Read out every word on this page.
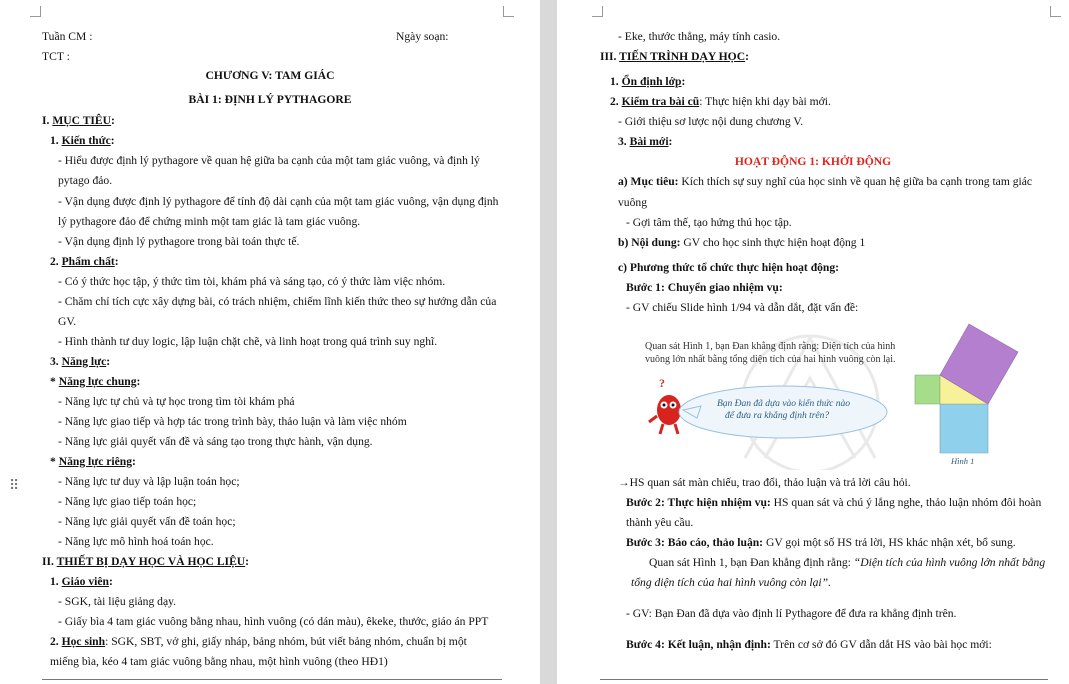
Tuần CM :	Ngày soạn:
TCT :
CHƯƠNG V: TAM GIÁC
BÀI 1: ĐỊNH LÝ PYTHAGORE
I. MỤC TIÊU:
1. Kiến thức:
- Hiểu được định lý pythagore về quan hệ giữa ba cạnh của một tam giác vuông, và định lý
pytago đảo.
- Vận dụng được định lý pythagore để tính độ dài cạnh của một tam giác vuông, vận dụng định
lý pythagore đảo để chứng minh một tam giác là tam giác vuông.
- Vận dụng định lý pythagore trong bài toán thực tế.
2. Phẩm chất:
- Có ý thức học tập, ý thức tìm tòi, khám phá và sáng tạo, có ý thức làm việc nhóm.
- Chăm chỉ tích cực xây dựng bài, có trách nhiệm, chiếm lĩnh kiến thức theo sự hướng dẫn của
GV.
- Hình thành tư duy logic, lập luận chặt chẽ, và linh hoạt trong quá trình suy nghĩ.
3. Năng lực:
* Năng lực chung:
- Năng lực tự chủ và tự học trong tìm tòi khám phá
- Năng lực giao tiếp và hợp tác trong trình bày, thảo luận và làm việc nhóm
- Năng lực giải quyết vấn đề và sáng tạo trong thực hành, vận dụng.
* Năng lực riêng:
- Năng lực tư duy và lập luận toán học;
- Năng lực giao tiếp toán học;
- Năng lực giải quyết vấn đề toán học;
- Năng lực mô hình hoá toán học.
II. THIẾT BỊ DẠY HỌC VÀ HỌC LIỆU:
1. Giáo viên:
- SGK, tài liệu giảng dạy.
- Giấy bìa 4 tam giác vuông bằng nhau, hình vuông (có dán màu), êkeke, thước, giáo án PPT
2. Học sinh: SGK, SBT, vở ghi, giấy nháp, bảng nhóm, bút viết bảng nhóm, chuẩn bị một
miếng bìa, kéo 4 tam giác vuông bằng nhau, một hình vuông (theo HĐ1)
⠿
- Eke, thước thẳng, máy tính casio.
III. TIẾN TRÌNH DẠY HỌC:
1. Ổn định lớp:
2. Kiểm tra bài cũ: Thực hiện khi dạy bài mới.
- Giới thiệu sơ lược nội dung chương V.
3. Bài mới:
HOẠT ĐỘNG 1: KHỞI ĐỘNG
a) Mục tiêu: Kích thích sự suy nghĩ của học sinh về quan hệ giữa ba cạnh trong tam giác
vuông
- Gợi tâm thế, tạo hứng thú học tập.
b) Nội dung: GV cho học sinh thực hiện hoạt động 1
c) Phương thức tổ chức thực hiện hoạt động:
Bước 1: Chuyển giao nhiệm vụ:
- GV chiếu Slide hình 1/94 và dẫn dắt, đặt vấn đề:
→HS quan sát màn chiếu, trao đổi, thảo luận và trả lời câu hỏi.
Bước 2: Thực hiện nhiệm vụ: HS quan sát và chú ý lắng nghe, thảo luận nhóm đôi hoàn
thành yêu cầu.
Bước 3: Báo cáo, thảo luận: GV gọi một số HS trả lời, HS khác nhận xét, bổ sung.
Quan sát Hình 1, bạn Đan khẳng định rằng: “Diện tích của hình vuông lớn nhất bằng
tổng diện tích của hai hình vuông còn lại”.
- GV: Bạn Đan đã dựa vào định lí Pythagore để đưa ra khẳng định trên.
Bước 4: Kết luận, nhận định: Trên cơ sở đó GV dẫn dắt HS vào bài học mới:
Quan sát Hình 1, bạn Đan khẳng định rằng: Diện tích của hình
vuông lớn nhất bằng tổng diện tích của hai hình vuông còn lại.
Bạn Đan đã dựa vào kiến thức nào
để đưa ra khẳng định trên?
?
Hình 1
